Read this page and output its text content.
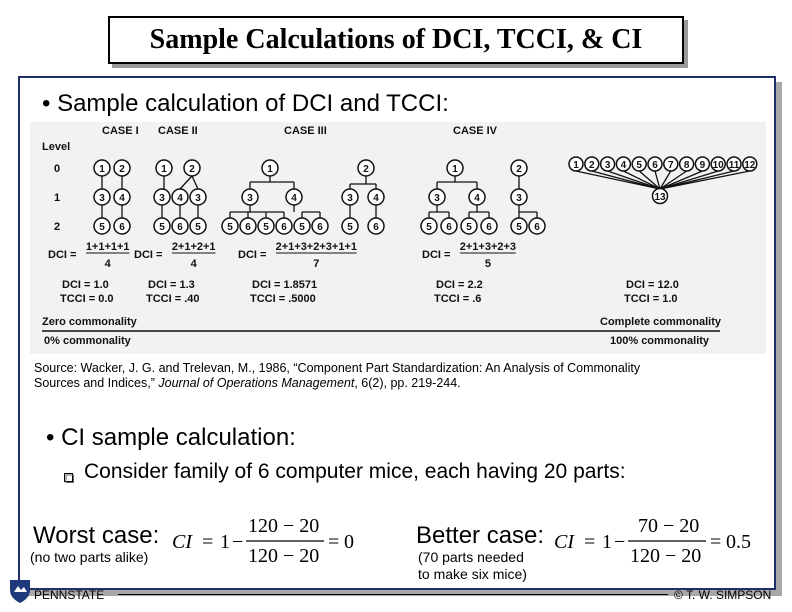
Sample Calculations of DCI, TCCI, & CI
• Sample calculation of DCI and TCCI:
Level
0
1
2
CASE I
1
3
5
2
4
6
CASE II
1 2
3
5
4
6
3
5
CASE III
1	2
3	4	3 4
5 6 5 6 5 6 5 6
CASE IV
1	2
3	4	3
5 6 5 6 5 6
1 2 3 4 5 6 7 8 9 10 11 12
13
DCI =
1+1+1+1
4
DCI = 1.0
TCCI = 0.0
DCI =
2+1+2+1
4
DCI = 1.3
TCCI = .40
DCI =
2+1+3+2+3+1+1
7
DCI = 1.8571
TCCI = .5000
DCI =
2+1+3+2+3
5
DCI = 2.2
TCCI = .6
DCI = 12.0
TCCI = 1.0
Zero commonality	Complete commonality
0% commonality	100% commonality
Source: Wacker, J. G. and Trelevan, M., 1986, “Component Part Standardization: An Analysis of Commonality
Sources and Indices,” Journal of Operations Management, 6(2), pp. 219-244.
• CI sample calculation:
Consider family of 6 computer mice, each having 20 parts:
Worst case:
(no two parts alike)
CI = 1 −
120 − 20
120 − 20
= 0	Better case:
(70 parts needed
to make six mice)
CI = 1 −
70 − 20
120 − 20
= 0.5
PENNSTATE	© T. W. SIMPSON
